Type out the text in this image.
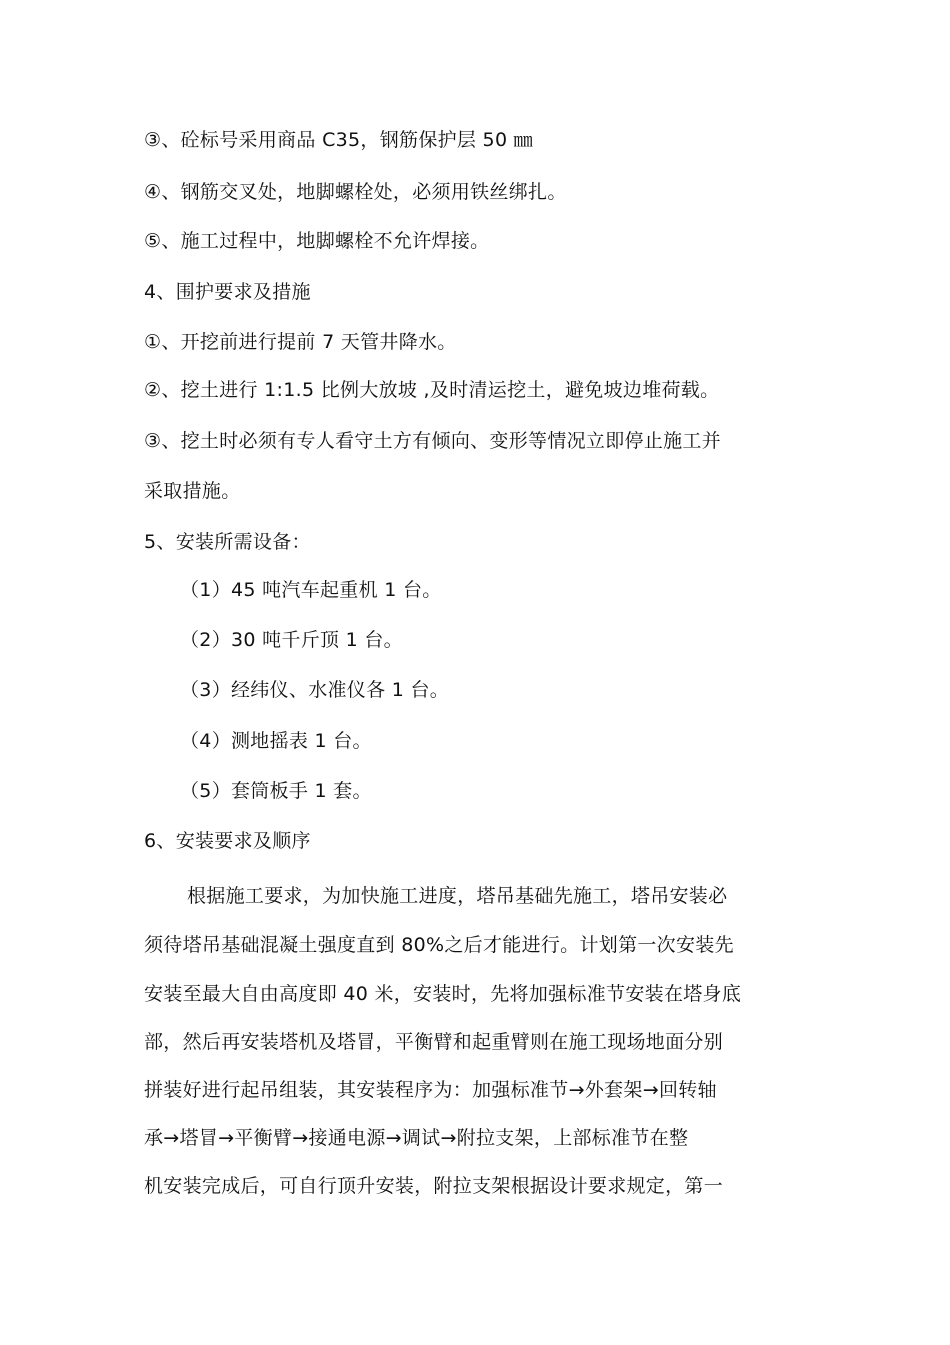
③、砼标号采用商品 C35，钢筋保护层 50 ㎜
④、钢筋交叉处，地脚螺栓处，必须用铁丝绑扎。
⑤、施工过程中，地脚螺栓不允许焊接。
4、围护要求及措施
①、开挖前进行提前 7 天管井降水。
②、挖土进行 1:1.5 比例大放坡 ,及时清运挖土，避免坡边堆荷载。
③、挖土时必须有专人看守土方有倾向、变形等情况立即停止施工并
采取措施。
5、安装所需设备：
（1）45 吨汽车起重机 1 台。
（2）30 吨千斤顶 1 台。
（3）经纬仪、水准仪各 1 台。
（4）测地摇表 1 台。
（5）套筒板手 1 套。
6、安装要求及顺序
根据施工要求，为加快施工进度，塔吊基础先施工，塔吊安装必
须待塔吊基础混凝土强度直到 80%之后才能进行。计划第一次安装先
安装至最大自由高度即 40 米，安装时，先将加强标准节安装在塔身底
部，然后再安装塔机及塔冒，平衡臂和起重臂则在施工现场地面分别
拼装好进行起吊组装，其安装程序为：加强标准节→外套架→回转轴
承→塔冒→平衡臂→接通电源→调试→附拉支架，上部标准节在整
机安装完成后，可自行顶升安装，附拉支架根据设计要求规定，第一
